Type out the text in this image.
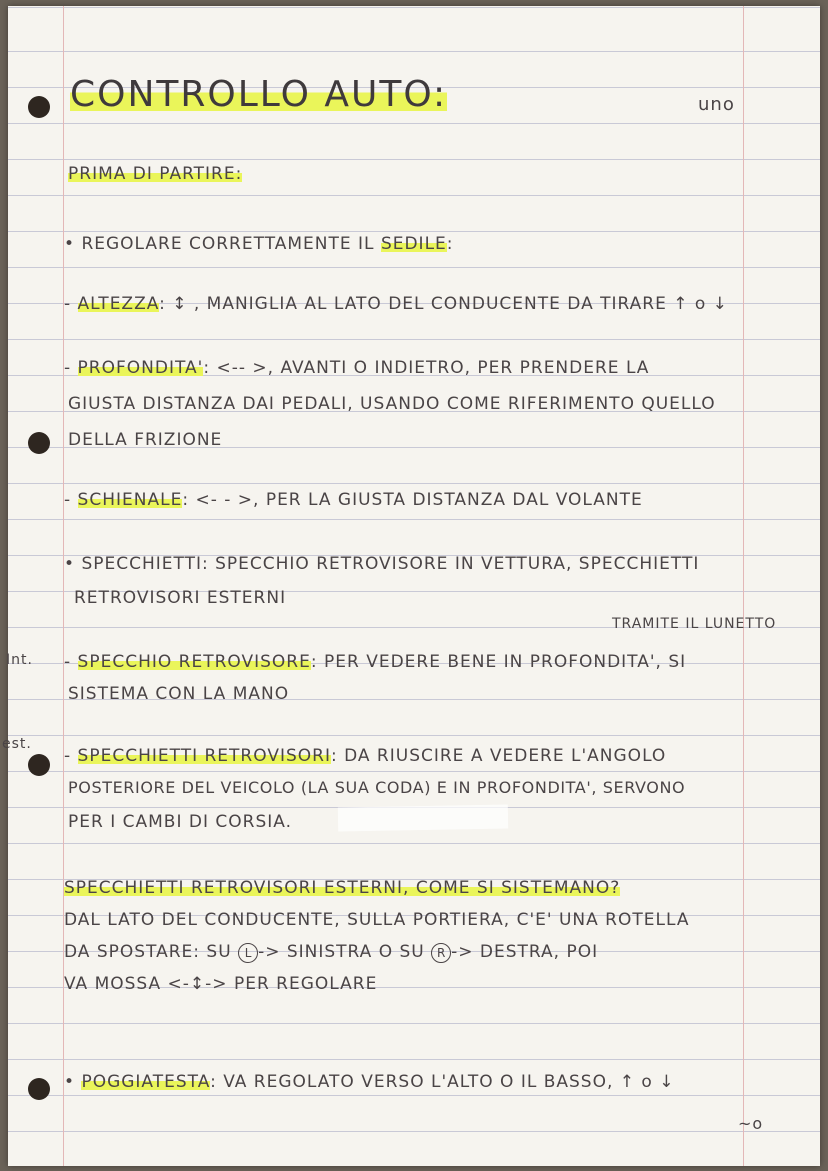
CONTROLLO AUTO:	uno
PRIMA DI PARTIRE:
• REGOLARE CORRETTAMENTE IL SEDILE:
- ALTEZZA: ↕ , MANIGLIA AL LATO DEL CONDUCENTE DA TIRARE ↑ o ↓
- PROFONDITA': <-- >, AVANTI O INDIETRO, PER PRENDERE LA
GIUSTA DISTANZA DAI PEDALI, USANDO COME RIFERIMENTO QUELLO
DELLA FRIZIONE
- SCHIENALE: <- - >, PER LA GIUSTA DISTANZA DAL VOLANTE
• SPECCHIETTI: SPECCHIO RETROVISORE IN VETTURA, SPECCHIETTI
RETROVISORI ESTERNI
TRAMITE IL LUNETTO
Int. - SPECCHIO RETROVISORE: PER VEDERE BENE IN PROFONDITA', SI
SISTEMA CON LA MANO
est.
- SPECCHIETTI RETROVISORI: DA RIUSCIRE A VEDERE L'ANGOLO
POSTERIORE DEL VEICOLO (LA SUA CODA) E IN PROFONDITA', SERVONO
PER I CAMBI DI CORSIA.
SPECCHIETTI RETROVISORI ESTERNI, COME SI SISTEMANO?
DAL LATO DEL CONDUCENTE, SULLA PORTIERA, C'E' UNA ROTELLA
DA SPOSTARE: SU L -> SINISTRA O SU R -> DESTRA, POI
VA MOSSA <-↕-> PER REGOLARE
• POGGIATESTA: VA REGOLATO VERSO L'ALTO O IL BASSO, ↑ o ↓
~o
